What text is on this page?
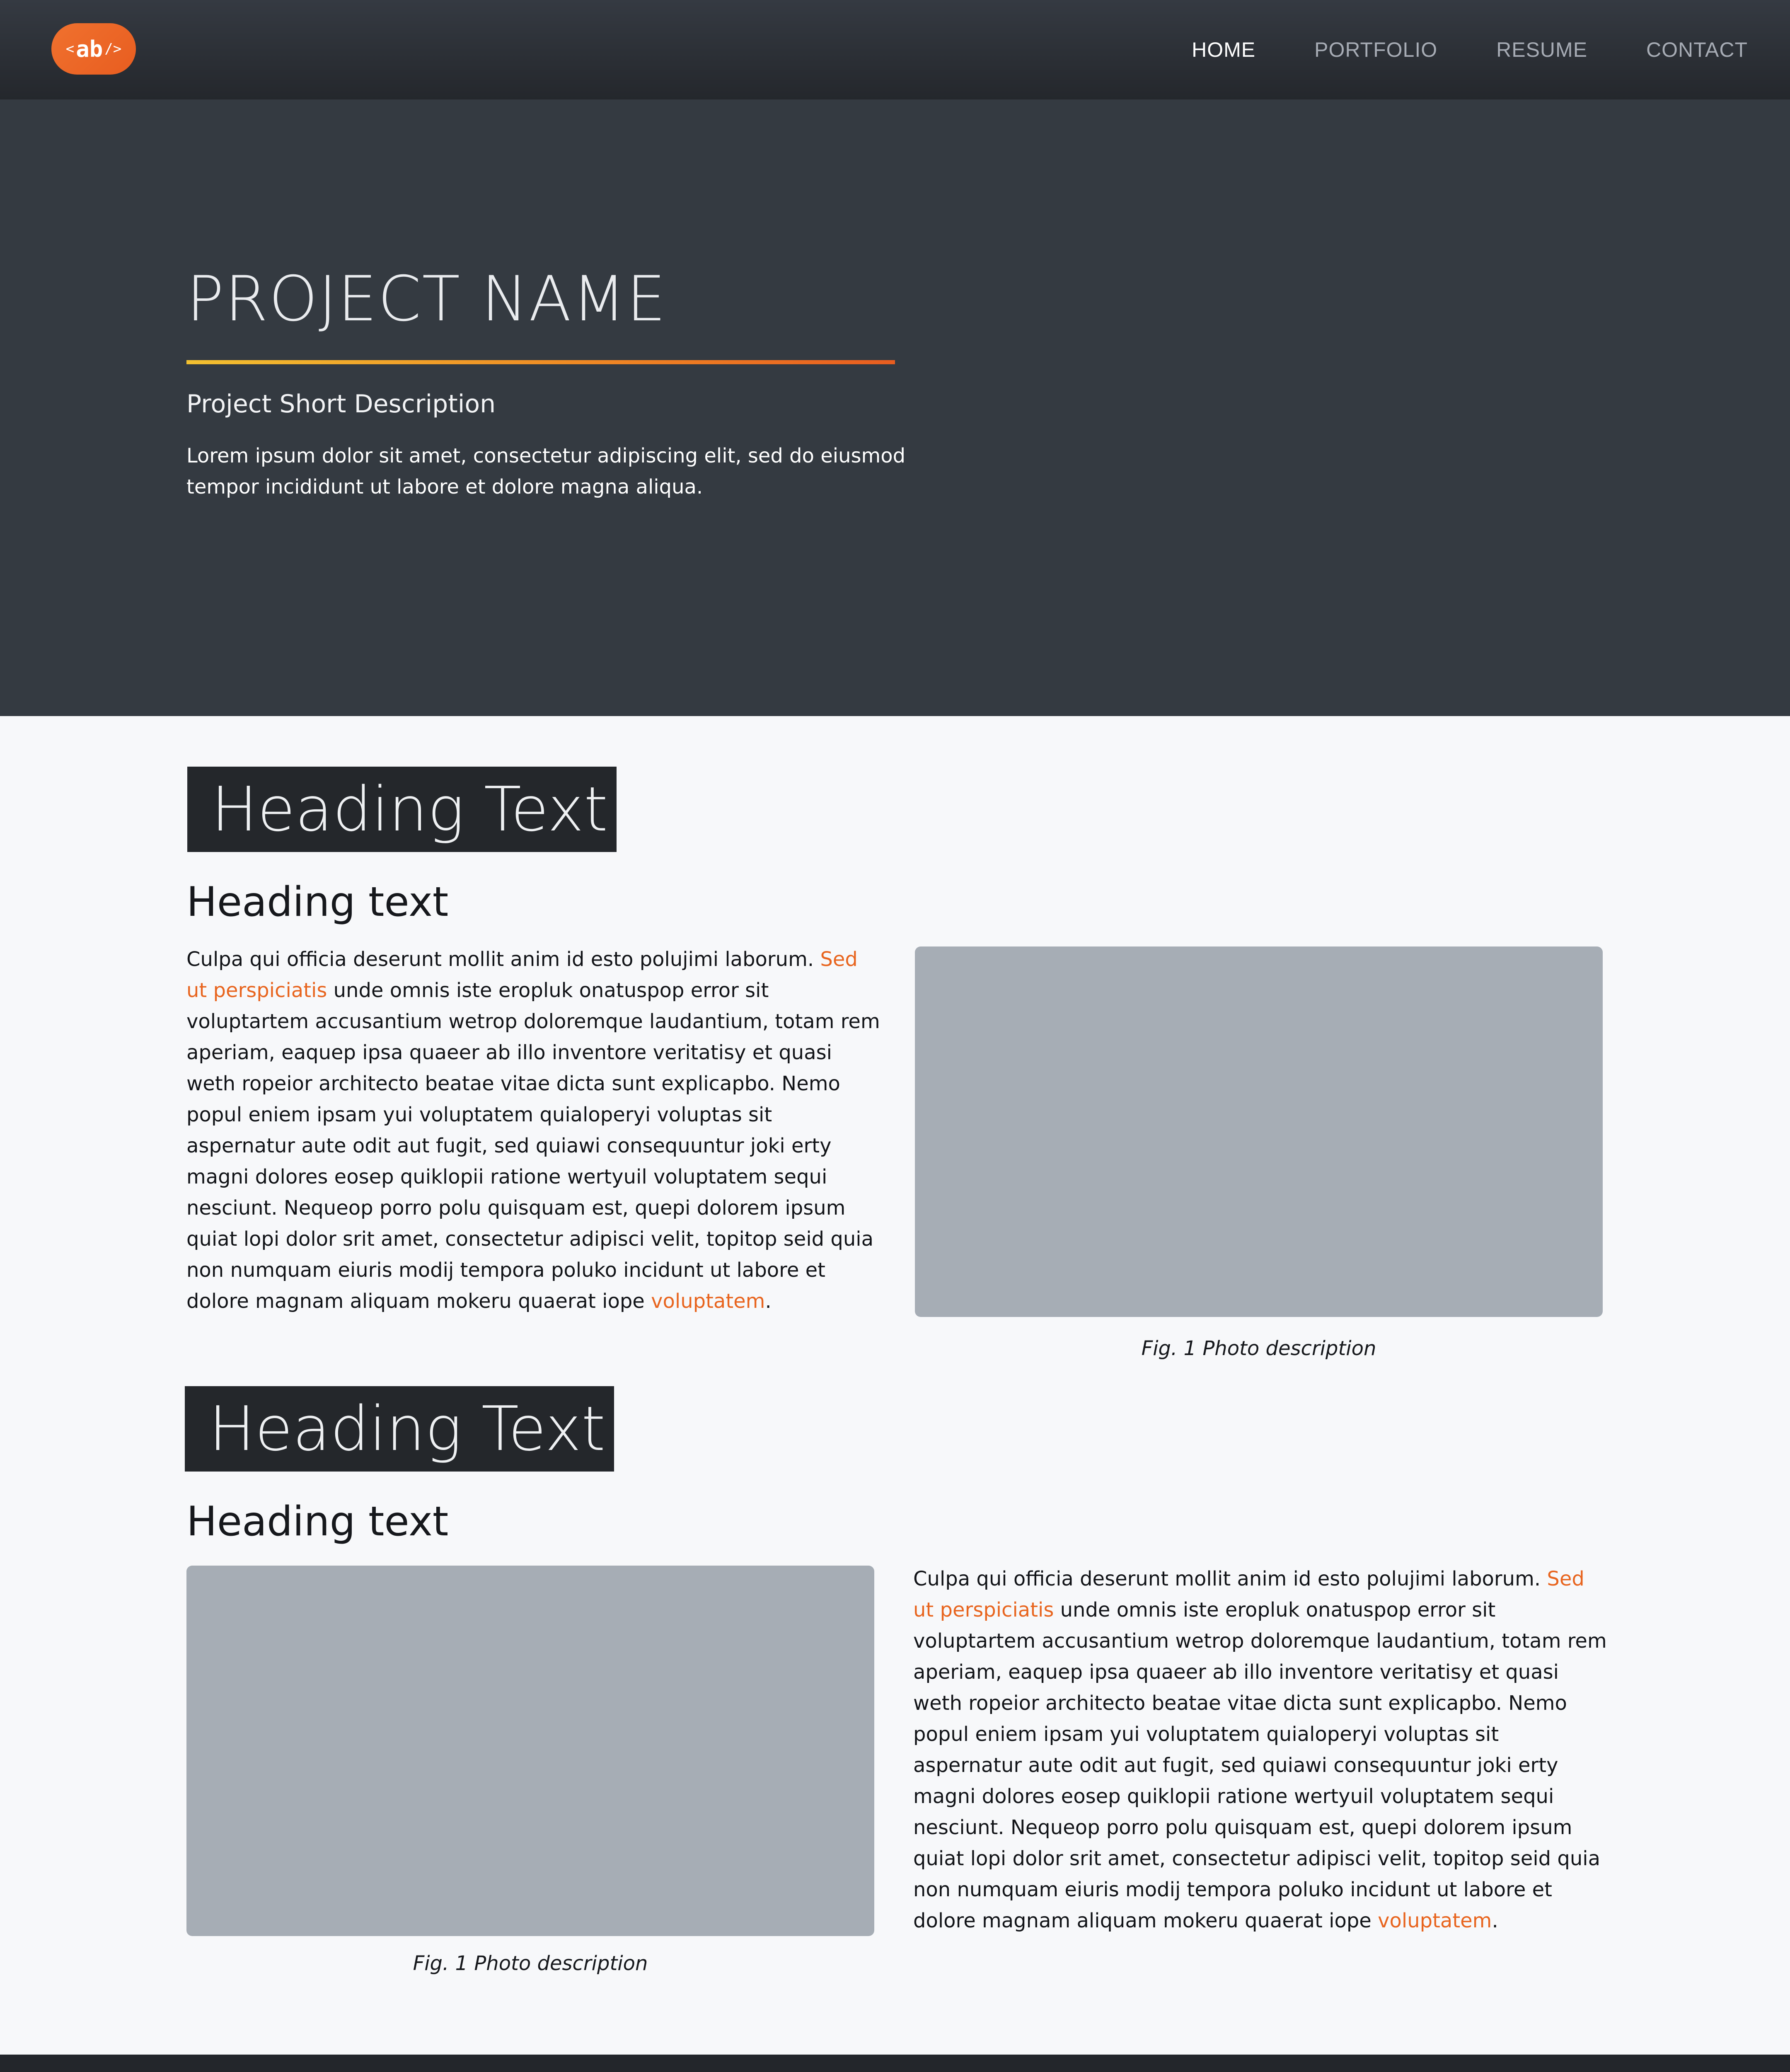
< ab />	HOME	PORTFOLIO	RESUME	CONTACT
PROJECT NAME
Project Short Description

Lorem ipsum dolor sit amet, consectetur adipiscing elit, sed do eiusmod tempor incididunt ut labore et dolore magna aliqua.

Heading Text
Heading text

Culpa qui officia deserunt mollit anim id esto polujimi laborum. Sed ut perspiciatis unde omnis iste eropluk onatuspop error sit voluptartem accusantium wetrop doloremque laudantium, totam rem aperiam, eaquep ipsa quaeer ab illo inventore veritatisy et quasi weth ropeior architecto beatae vitae dicta sunt explicapbo. Nemo popul eniem ipsam yui voluptatem quialoperyi voluptas sit aspernatur aute odit aut fugit, sed quiawi consequuntur joki erty magni dolores eosep quiklopii ratione wertyuil voluptatem sequi nesciunt. Nequeop porro polu quisquam est, quepi dolorem ipsum quiat lopi dolor srit amet, consectetur adipisci velit, topitop seid quia non numquam eiuris modij tempora poluko incidunt ut labore et dolore magnam aliquam mokeru quaerat iope voluptatem.

Fig. 1 Photo description
Heading Text
Heading text
Fig. 1 Photo description

Culpa qui officia deserunt mollit anim id esto polujimi laborum. Sed ut perspiciatis unde omnis iste eropluk onatuspop error sit voluptartem accusantium wetrop doloremque laudantium, totam rem aperiam, eaquep ipsa quaeer ab illo inventore veritatisy et quasi weth ropeior architecto beatae vitae dicta sunt explicapbo. Nemo popul eniem ipsam yui voluptatem quialoperyi voluptas sit aspernatur aute odit aut fugit, sed quiawi consequuntur joki erty magni dolores eosep quiklopii ratione wertyuil voluptatem sequi nesciunt. Nequeop porro polu quisquam est, quepi dolorem ipsum quiat lopi dolor srit amet, consectetur adipisci velit, topitop seid quia non numquam eiuris modij tempora poluko incidunt ut labore et dolore magnam aliquam mokeru quaerat iope voluptatem.
